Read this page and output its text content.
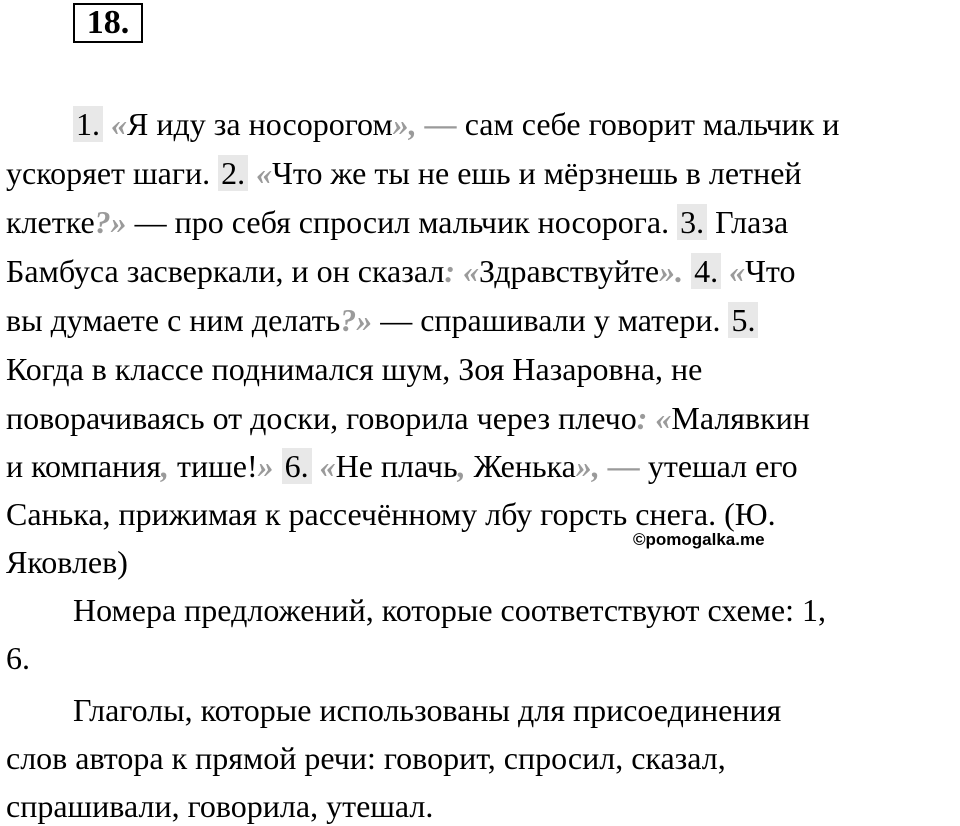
18.
1. «Я иду за носорогом», — сам себе говорит мальчик и
ускоряет шаги. 2. «Что же ты не ешь и мёрзнешь в летней
клетке?» — про себя спросил мальчик носорога. 3. Глаза
Бамбуса засверкали, и он сказал: «Здравствуйте». 4. «Что
вы думаете с ним делать?» — спрашивали у матери. 5.
Когда в классе поднимался шум, Зоя Назаровна, не
поворачиваясь от доски, говорила через плечо: «Малявкин
и компания, тише!» 6. «Не плачь, Женька», — утешал его
Санька, прижимая к рассечённому лбу горсть снега. (Ю.
Яковлев)
©pomogalka.me
Номера предложений, которые соответствуют схеме: 1,
6.
Глаголы, которые использованы для присоединения
слов автора к прямой речи: говорит, спросил, сказал,
спрашивали, говорила, утешал.
